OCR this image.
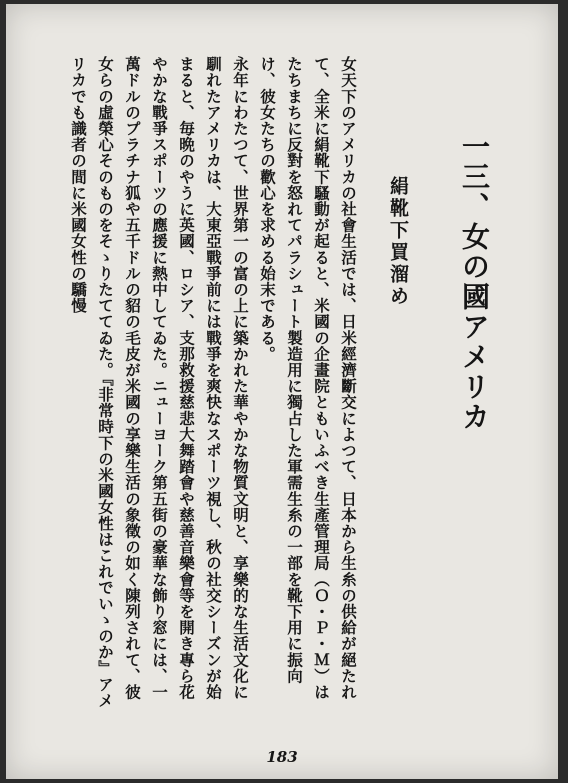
一三、女の國アメリカ
絹靴下買溜め

女天下のアメリカの社會生活では、日米經濟斷交によつて、日本から生糸の供給が絕たれて、全米に絹靴下騷動が起ると、米國の企畫院ともいふべき生產管理局（Ｏ・Ｐ・Ｍ）はたちまちに反對を怒れてパラシュート製造用に獨占した軍需生糸の一部を靴下用に振向け、彼女たちの歡心を求める始末である。

永年にわたつて、世界第一の富の上に築かれた華やかな物質文明と、享樂的な生活文化に馴れたアメリカは、大東亞戰爭前には戰爭を爽快なスポーツ視し、秋の社交シーズンが始まると、毎晩のやうに英國、ロシア、支那救援慈悲大舞踏會や慈善音樂會等を開き專ら花やかな戰爭スポーツの應援に熱中してゐた。ニューヨーク第五街の豪華な飾り窓には、一萬ドルのプラチナ狐や五千ドルの貂の毛皮が米國の享樂生活の象徵の如く陳列されて、彼女らの虛榮心そのものをそゝりたててゐた。『非常時下の米國女性はこれでいゝのか』アメリカでも識者の間に米國女性の驕慢

183
